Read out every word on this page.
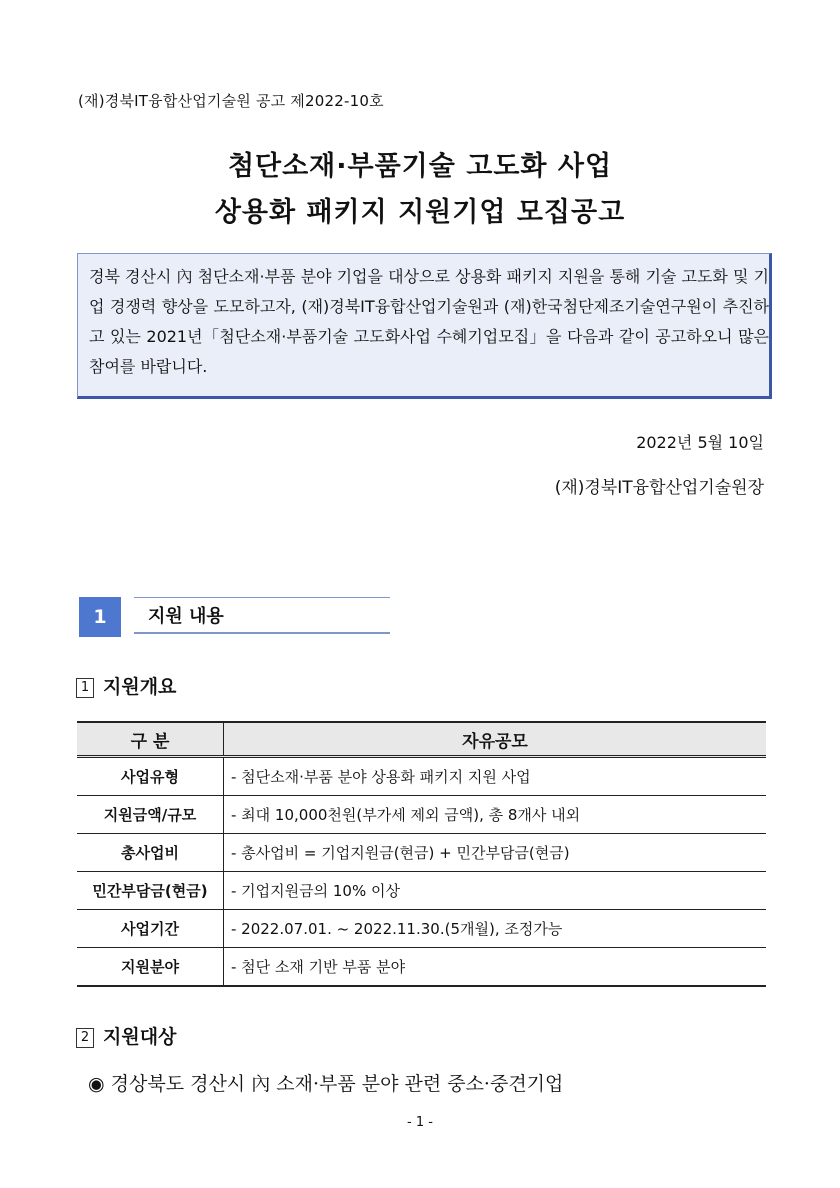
(재)경북IT융합산업기술원 공고 제2022-10호
첨단소재·부품기술 고도화 사업
상용화 패키지 지원기업 모집공고
경북 경산시 內 첨단소재·부품 분야 기업을 대상으로 상용화 패키지 지원을 통해 기술 고도화 및 기업 경쟁력 향상을 도모하고자, (재)경북IT융합산업기술원과 (재)한국첨단제조기술연구원이 추진하고 있는 2021년「첨단소재·부품기술 고도화사업 수혜기업모집」을 다음과 같이 공고하오니 많은 참여를 바랍니다.
2022년 5월 10일
(재)경북IT융합산업기술원장
1	지원 내용
1 지원개요
구 분	자유공모
사업유형	- 첨단소재·부품 분야 상용화 패키지 지원 사업
지원금액/규모	- 최대 10,000천원(부가세 제외 금액), 총 8개사 내외
총사업비	- 총사업비 = 기업지원금(현금) + 민간부담금(현금)
민간부담금(현금)	- 기업지원금의 10% 이상
사업기간	- 2022.07.01. ~ 2022.11.30.(5개월), 조정가능
지원분야	- 첨단 소재 기반 부품 분야
2 지원대상
◉ 경상북도 경산시 內 소재·부품 분야 관련 중소·중견기업
- 1 -
